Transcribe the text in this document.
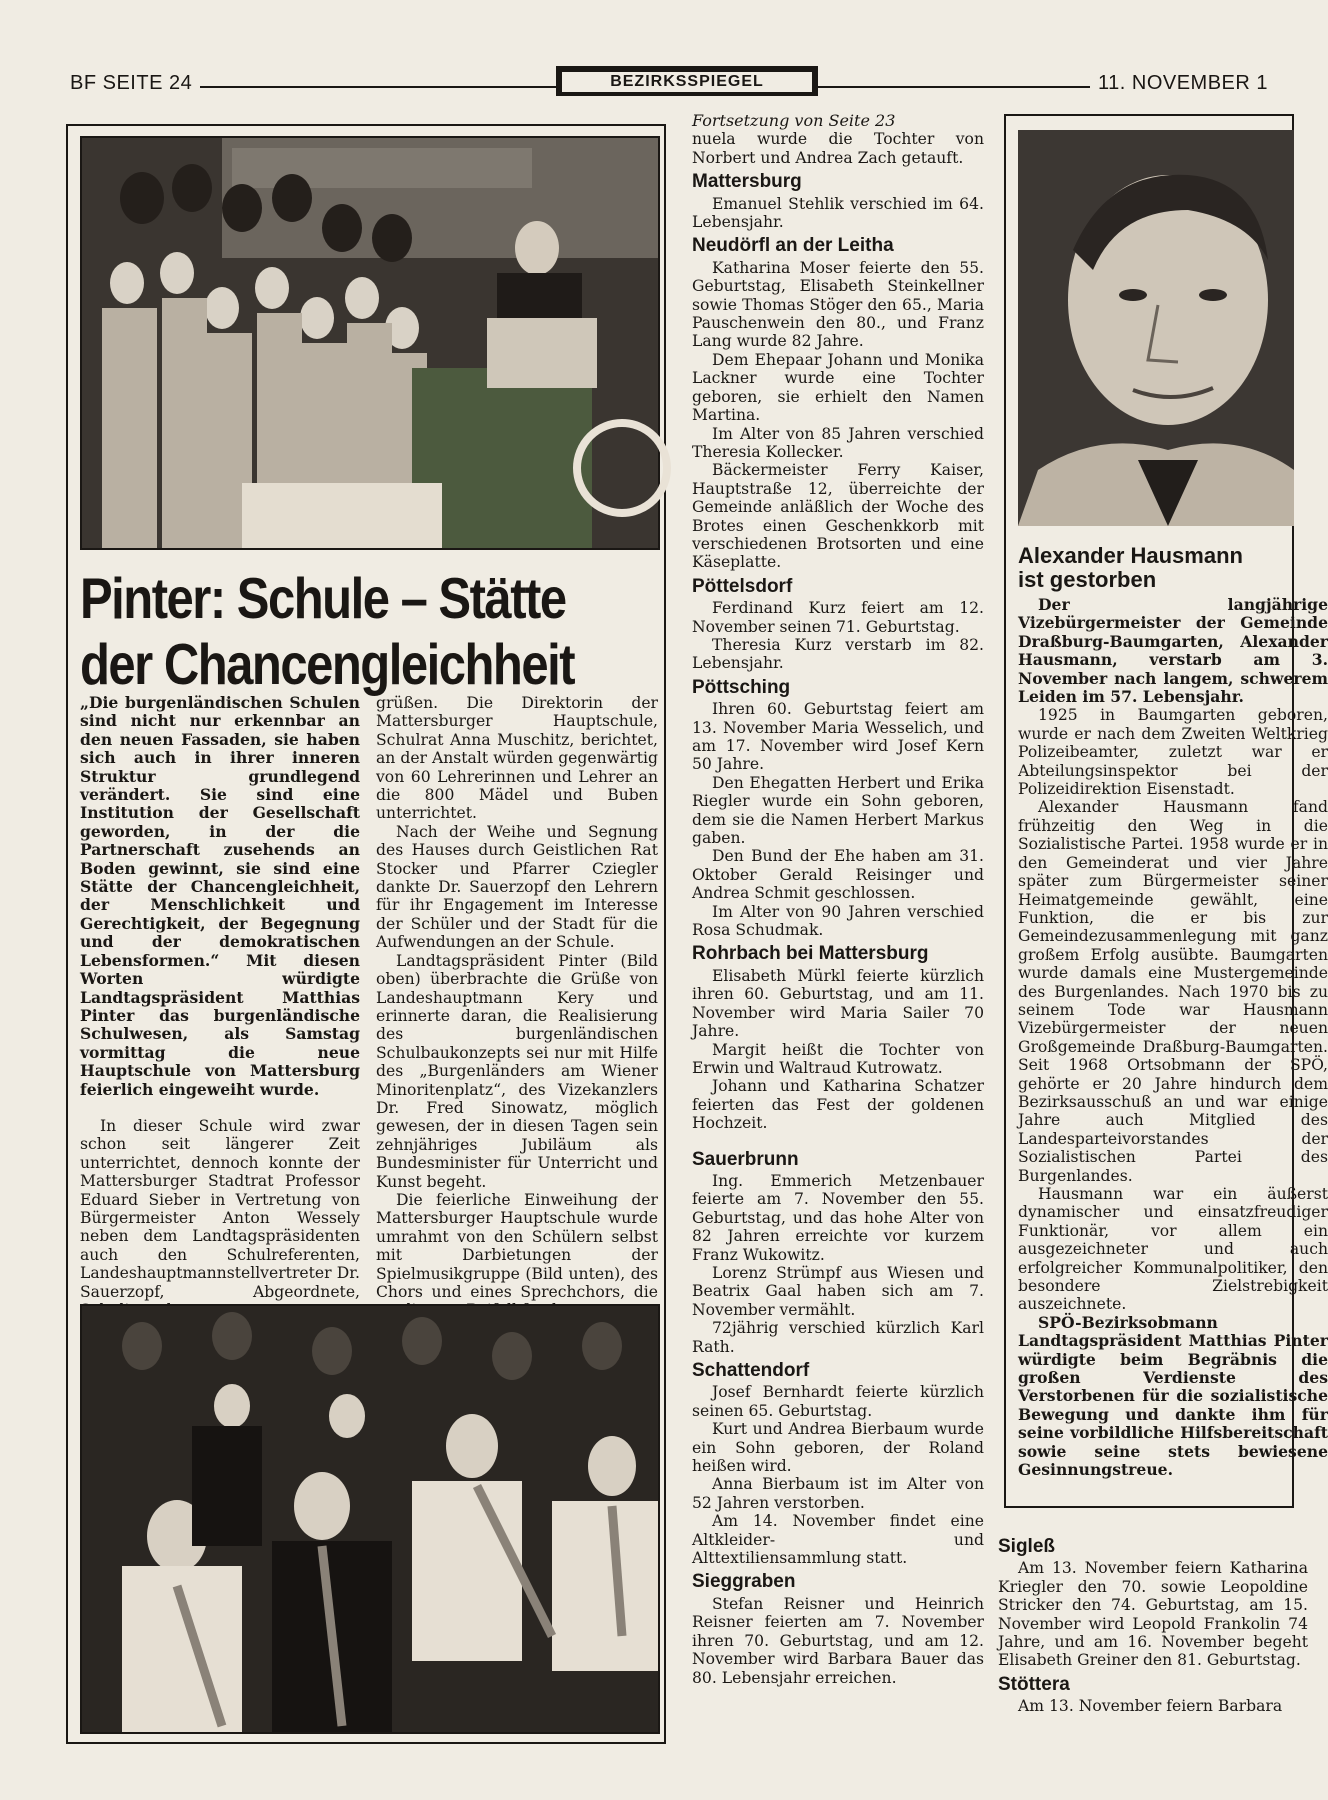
BF SEITE 24	BEZIRKSSPIEGEL	11. NOVEMBER 1
Pinter: Schule – Stätte
der Chancengleichheit

„Die burgenländischen Schulen sind nicht nur erkennbar an den neuen Fassaden, sie haben sich auch in ihrer inneren Struktur grundlegend verändert. Sie sind eine Institution der Gesellschaft geworden, in der die Partnerschaft zusehends an Boden gewinnt, sie sind eine Stätte der Chancengleichheit, der Menschlichkeit und Gerechtigkeit, der Begegnung und der demokratischen Lebensformen.“ Mit diesen Worten würdigte Landtagspräsident Matthias Pinter das burgenländische Schulwesen, als Samstag vormittag die neue Hauptschule von Mattersburg feierlich eingeweiht wurde.

In dieser Schule wird zwar schon seit längerer Zeit unterrichtet, dennoch konnte der Mattersburger Stadtrat Professor Eduard Sieber in Vertretung von Bürgermeister Anton Wessely neben dem Landtagspräsidenten auch den Schulreferenten, Landeshauptmannstellvertreter Dr. Sauerzopf, Abgeordnete,

grüßen. Die Direktorin der Mattersburger Hauptschule, Schulrat Anna Muschitz, berichtet, an der Anstalt würden gegenwärtig von 60 Lehrerinnen und Lehrer an die 800 Mädel und Buben unterrichtet.

Nach der Weihe und Segnung des Hauses durch Geistlichen Rat Stocker und Pfarrer Cziegler dankte Dr. Sauerzopf den Lehrern für ihr Engagement im Interesse der Schüler und der Stadt für die Aufwendungen an der Schule.

Landtagspräsident Pinter (Bild oben) überbrachte die Grüße von Landeshauptmann Kery und erinnerte daran, die Realisierung des burgenländischen Schulbaukonzepts sei nur mit Hilfe des „Burgenländers am Wiener Minoritenplatz“, des Vizekanzlers Dr. Fred Sinowatz, möglich gewesen, der in diesen Tagen sein zehnjähriges Jubiläum als Bundesminister für Unterricht und Kunst begeht.

Die feierliche Einweihung der Mattersburger Hauptschule wurde umrahmt von den Schülern selbst mit Darbietungen der Spielmusikgruppe (Bild unten), des Chors und eines Sprechchors, die

Fortsetzung von Seite 23

nuela wurde die Tochter von Norbert und Andrea Zach getauft.

Mattersburg

Emanuel Stehlik verschied im 64. Lebensjahr.

Neudörfl an der Leitha

Katharina Moser feierte den 55. Geburtstag, Elisabeth Steinkellner sowie Thomas Stöger den 65., Maria Pauschenwein den 80., und Franz Lang wurde 82 Jahre.

Dem Ehepaar Johann und Monika Lackner wurde eine Tochter geboren, sie erhielt den Namen Martina.

Im Alter von 85 Jahren verschied Theresia Kollecker.

Bäckermeister Ferry Kaiser, Hauptstraße 12, überreichte der Gemeinde anläßlich der Woche des Brotes einen Geschenkkorb mit verschiedenen Brotsorten und eine Käseplatte.

Pöttelsdorf

Ferdinand Kurz feiert am 12. November seinen 71. Geburtstag.

Theresia Kurz verstarb im 82. Lebensjahr.

Pöttsching

Ihren 60. Geburtstag feiert am 13. November Maria Wesselich, und am 17. November wird Josef Kern 50 Jahre.

Den Ehegatten Herbert und Erika Riegler wurde ein Sohn geboren, dem sie die Namen Herbert Markus gaben.

Den Bund der Ehe haben am 31. Oktober Gerald Reisinger und Andrea Schmit geschlossen.

Im Alter von 90 Jahren verschied Rosa Schudmak.

Rohrbach bei Mattersburg

Elisabeth Mürkl feierte kürzlich ihren 60. Geburtstag, und am 11. November wird Maria Sailer 70 Jahre.

Margit heißt die Tochter von Erwin und Waltraud Kutrowatz.

Johann und Katharina Schatzer feierten das Fest der goldenen Hochzeit.

Sauerbrunn

Ing. Emmerich Metzenbauer feierte am 7. November den 55. Geburtstag, und das hohe Alter von 82 Jahren erreichte vor kurzem Franz Wukowitz.

Lorenz Strümpf aus Wiesen und Beatrix Gaal haben sich am 7. November vermählt.

72jährig verschied kürzlich Karl Rath.

Schattendorf

Josef Bernhardt feierte kürzlich seinen 65. Geburtstag.

Kurt und Andrea Bierbaum wurde ein Sohn geboren, der Roland heißen wird.

Anna Bierbaum ist im Alter von 52 Jahren verstorben.

Am 14. November findet eine Altkleider- und Alttextiliensammlung statt.

Sieggraben

Stefan Reisner und Heinrich Reisner feierten am 7. November ihren 70. Geburtstag, und am 12. November wird Barbara Bauer das 80. Lebensjahr erreichen.

Alexander Hausmann
ist gestorben

Der langjährige Vizebürgermeister der Gemeinde Draßburg-Baumgarten, Alexander Hausmann, verstarb am 3. November nach langem, schwerem Leiden im 57. Lebensjahr.

1925 in Baumgarten geboren, wurde er nach dem Zweiten Weltkrieg Polizeibeamter, zuletzt war er Abteilungsinspektor bei der Polizeidirektion Eisenstadt.

Alexander Hausmann fand frühzeitig den Weg in die Sozialistische Partei. 1958 wurde er in den Gemeinderat und vier Jahre später zum Bürgermeister seiner Heimatgemeinde gewählt, eine Funktion, die er bis zur Gemeindezusammenlegung mit ganz großem Erfolg ausübte. Baumgarten wurde damals eine Mustergemeinde des Burgenlandes. Nach 1970 bis zu seinem Tode war Hausmann Vizebürgermeister der neuen Großgemeinde Draßburg-Baumgarten. Seit 1968 Ortsobmann der SPÖ, gehörte er 20 Jahre hindurch dem Bezirksausschuß an und war einige Jahre auch Mitglied des Landesparteivorstandes der Sozialistischen Partei des Burgenlandes.

Hausmann war ein äußerst dynamischer und einsatzfreudiger Funktionär, vor allem ein ausgezeichneter und auch erfolgreicher Kommunalpolitiker, den besondere Zielstrebigkeit auszeichnete.

SPÖ-Bezirksobmann Landtagspräsident Matthias Pinter würdigte beim Begräbnis die großen Verdienste des Verstorbenen für die sozialistische Bewegung und dankte ihm für seine vorbildliche Hilfsbereitschaft sowie seine stets bewiesene Gesinnungstreue.

Sigleß

Am 13. November feiern Katharina Kriegler den 70. sowie Leopoldine Stricker den 74. Geburtstag, am 15. November wird Leopold Frankolin 74 Jahre, und am 16. November begeht Elisabeth Greiner den 81. Geburtstag.

Stöttera

Am 13. November feiern Barbara
